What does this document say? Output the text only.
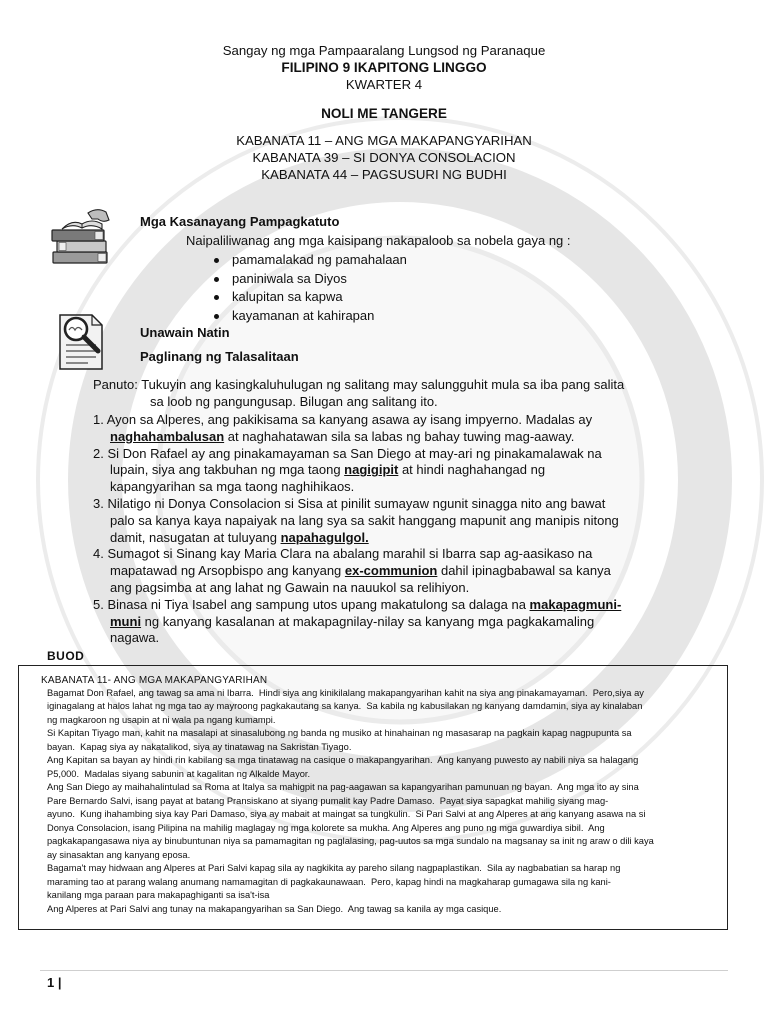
Sangay ng mga Pampaaralang Lungsod ng Paranaque
FILIPINO 9 IKAPITONG LINGGO
KWARTER 4
NOLI ME TANGERE
KABANATA 11 – ANG MGA MAKAPANGYARIHAN
KABANATA 39 – SI DONYA CONSOLACION
KABANATA 44 – PAGSUSURI NG BUDHI
Mga Kasanayang Pampagkatuto
Naipaliliwanag ang mga kaisipang nakapaloob sa nobela gaya ng :
pamamalakad ng pamahalaan
paniniwala sa Diyos
kalupitan sa kapwa
kayamanan at kahirapan
Unawain Natin
Paglinang ng Talasalitaan
Panuto: Tukuyin ang kasingkaluhulugan ng salitang may salungguhit mula sa iba pang salita
sa loob ng pangungusap. Bilugan ang salitang ito.
1. Ayon sa Alperes, ang pakikisama sa kanyang asawa ay isang impyerno. Madalas ay
naghahambalusan at naghahatawan sila sa labas ng bahay tuwing mag-aaway.
2. Si Don Rafael ay ang pinakamayaman sa San Diego at may-ari ng pinakamalawak na
lupain, siya ang takbuhan ng mga taong nagigipit at hindi naghahangad ng
kapangyarihan sa mga taong naghihikaos.
3. Nilatigo ni Donya Consolacion si Sisa at pinilit sumayaw ngunit sinagga nito ang bawat
palo sa kanya kaya napaiyak na lang sya sa sakit hanggang mapunit ang manipis nitong
damit, nasugatan at tuluyang napahagulgol.
4. Sumagot si Sinang kay Maria Clara na abalang marahil si Ibarra sap ag-aasikaso na
mapatawad ng Arsopbispo ang kanyang ex-communion dahil ipinagbabawal sa kanya
ang pagsimba at ang lahat ng Gawain na nauukol sa relihiyon.
5. Binasa ni Tiya Isabel ang sampung utos upang makatulong sa dalaga na makapagmuni-
muni ng kanyang kasalanan at makapagnilay-nilay sa kanyang mga pagkakamaling
nagawa.
BUOD
KABANATA 11- ANG MGA MAKAPANGYARIHAN
Bagamat Don Rafael, ang tawag sa ama ni Ibarra.  Hindi siya ang kinikilalang makapangyarihan kahit na siya ang pinakamayaman.  Pero,siya ay
iginagalang at halos lahat ng mga tao ay mayroong pagkakautang sa kanya.  Sa kabila ng kabusilakan ng kanyang damdamin, siya ay kinalaban
ng magkaroon ng usapin at ni wala pa ngang kumampi.
Si Kapitan Tiyago man, kahit na masalapi at sinasalubong ng banda ng musiko at hinahainan ng masasarap na pagkain kapag nagpupunta sa
bayan.  Kapag siya ay nakatalikod, siya ay tinatawag na Sakristan Tiyago.
Ang Kapitan sa bayan ay hindi rin kabilang sa mga tinatawag na casique o makapangyarihan.  Ang kanyang puwesto ay nabili niya sa halagang
P5,000.  Madalas siyang sabunin at kagalitan ng Alkalde Mayor.
Ang San Diego ay maihahalintulad sa Roma at Italya sa mahigpit na pag-aagawan sa kapangyarihan pamunuan ng bayan.  Ang mga ito ay sina
Pare Bernardo Salvi, isang payat at batang Pransiskano at siyang pumalit kay Padre Damaso.  Payat siya sapagkat mahilig siyang mag-
ayuno.  Kung ihahambing siya kay Pari Damaso, siya ay mabait at maingat sa tungkulin.  Si Pari Salvi at ang Alperes at ang kanyang asawa na si
Donya Consolacion, isang Pilipina na mahilig maglagay ng mga kolorete sa mukha. Ang Alperes ang puno ng mga guwardiya sibil.  Ang
pagkakapangasawa niya ay binubuntunan niya sa pamamagitan ng paglalasing, pag-uutos sa mga sundalo na magsanay sa init ng araw o dili kaya
ay sinasaktan ang kanyang eposa.
Bagama't may hidwaan ang Alperes at Pari Salvi kapag sila ay nagkikita ay pareho silang nagpaplastikan.  Sila ay nagbabatian sa harap ng
maraming tao at parang walang anumang namamagitan di pagkakaunawaan.  Pero, kapag hindi na magkaharap gumagawa sila ng kani-
kanilang mga paraan para makapaghiganti sa isa't-isa
Ang Alperes at Pari Salvi ang tunay na makapangyarihan sa San Diego.  Ang tawag sa kanila ay mga casique.
1 |
